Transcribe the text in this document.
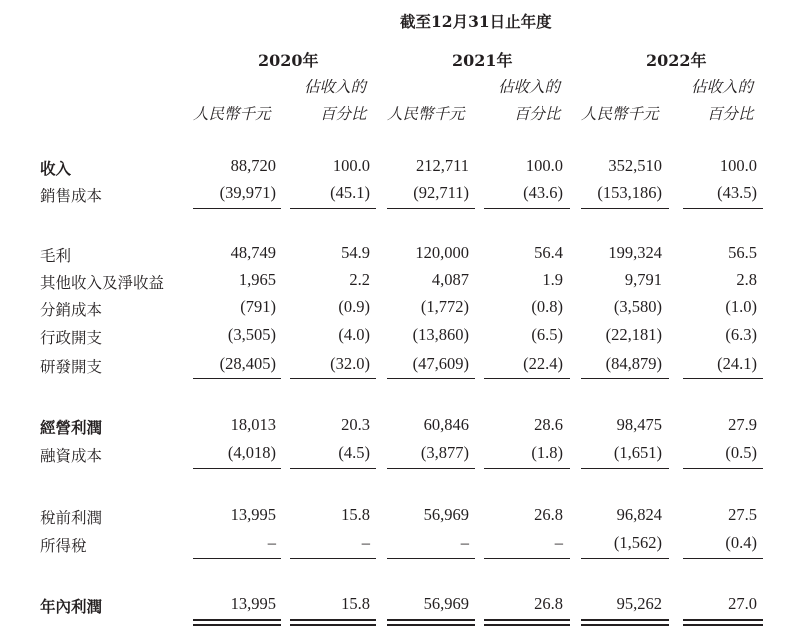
截至12月31日止年度
2020年	2021年	2022年
佔收入的	佔收入的	佔收入的
人民幣千元	百分比 人民幣千元	百分比 人民幣千元	百分比
收入	88,720	100.0	212,711	100.0	352,510	100.0
銷售成本	(39,971)	(45.1)	(92,711)	(43.6) (153,186)	(43.5)
毛利	48,749	54.9	120,000	56.4	199,324	56.5
其他收入及淨收益	1,965	2.2	4,087	1.9	9,791	2.8
分銷成本	(791)	(0.9)	(1,772)	(0.8)	(3,580)	(1.0)
行政開支	(3,505)	(4.0)	(13,860)	(6.5)	(22,181)	(6.3)
研發開支	(28,405)	(32.0)	(47,609)	(22.4)	(84,879)	(24.1)
經營利潤	18,013	20.3	60,846	28.6	98,475	27.9
融資成本	(4,018)	(4.5)	(3,877)	(1.8)	(1,651)	(0.5)
稅前利潤	13,995	15.8	56,969	26.8	96,824	27.5
所得稅	–	–	–	–	(1,562)	(0.4)
年內利潤	13,995	15.8	56,969	26.8	95,262	27.0
